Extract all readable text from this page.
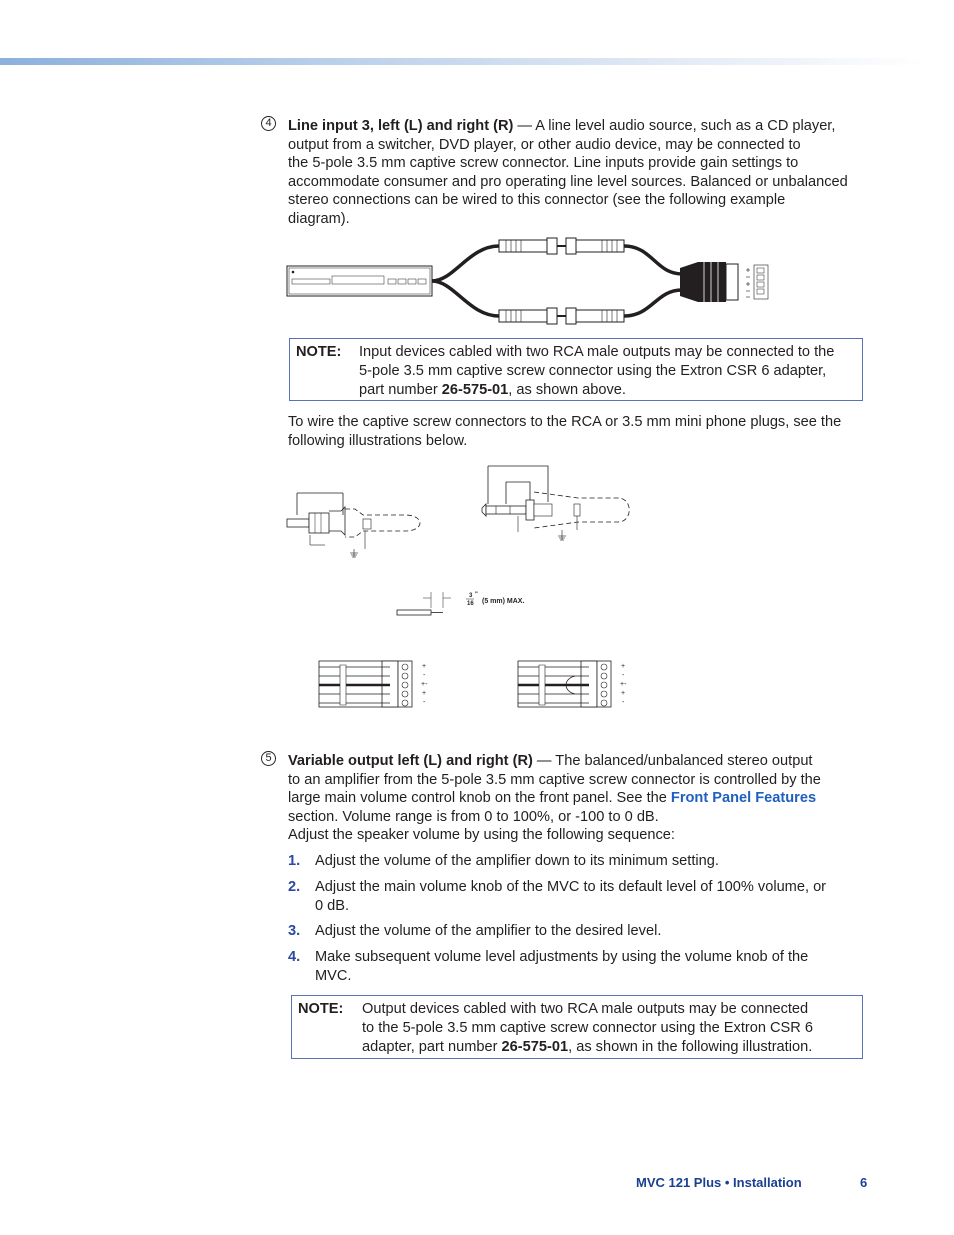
4	Line input 3, left (L) and right (R) — A line level audio source, such as a CD player,
output from a switcher, DVD player, or other audio device, may be connected to
the 5-pole 3.5 mm captive screw connector. Line inputs provide gain settings to
accommodate consumer and pro operating line level sources. Balanced or unbalanced
stereo connections can be wired to this connector (see the following example
diagram).
NOTE: Input devices cabled with two RCA male outputs may be connected to the
5-pole 3.5 mm captive screw connector using the Extron CSR 6 adapter,
part number 26-575-01, as shown above.
To wire the captive screw connectors to the RCA or 3.5 mm mini phone plugs, see the
following illustrations below.
3
16
"
(5 mm) MAX.
+
-
+-
+
-
+
-
+-
+
-
5	Variable output left (L) and right (R) — The balanced/unbalanced stereo output
to an amplifier from the 5-pole 3.5 mm captive screw connector is controlled by the
large main volume control knob on the front panel. See the Front Panel Features
section. Volume range is from 0 to 100%, or -100 to 0 dB.
Adjust the speaker volume by using the following sequence:
1. Adjust the volume of the amplifier down to its minimum setting.
2. Adjust the main volume knob of the MVC to its default level of 100% volume, or
0 dB.
3. Adjust the volume of the amplifier to the desired level.
4. Make subsequent volume level adjustments by using the volume knob of the
MVC.
NOTE: Output devices cabled with two RCA male outputs may be connected
to the 5-pole 3.5 mm captive screw connector using the Extron CSR 6
adapter, part number 26-575-01, as shown in the following illustration.
MVC 121 Plus • Installation	6
